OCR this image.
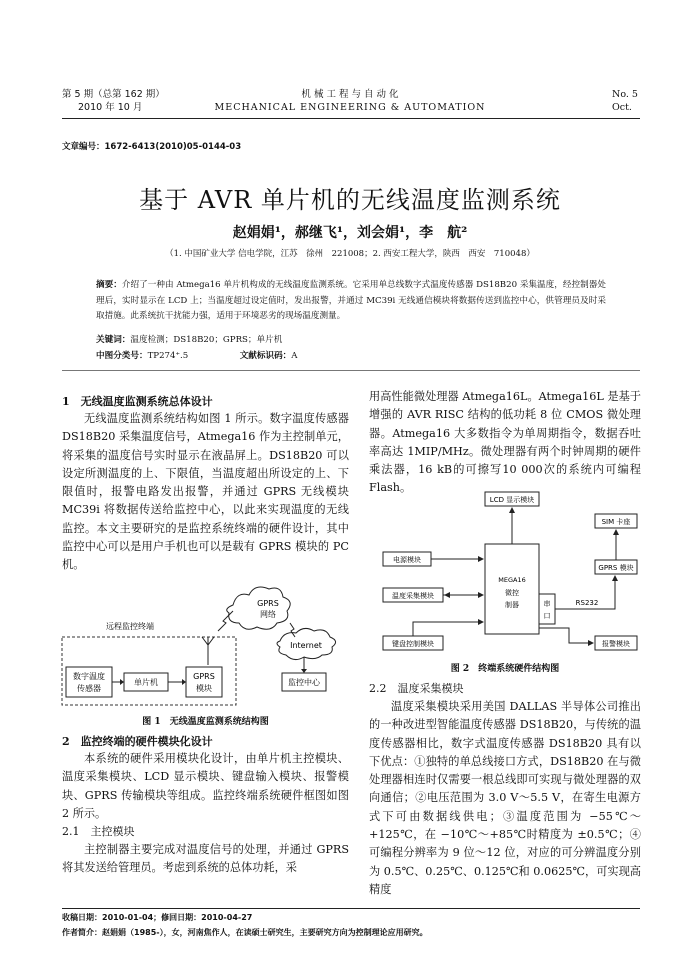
第 5 期（总第 162 期）
2010 年 10 月
机 械 工 程 与 自 动 化
MECHANICAL ENGINEERING & AUTOMATION
No. 5
Oct.
文章编号：1672-6413(2010)05-0144-03
基于 AVR 单片机的无线温度监测系统
赵娟娟¹，郝继飞¹，刘会娟¹，李　航²
（1. 中国矿业大学 信电学院，江苏　徐州　221008；2. 西安工程大学，陕西　西安　710048）
摘要：介绍了一种由 Atmega16 单片机构成的无线温度监测系统。它采用单总线数字式温度传感器 DS18B20 采集温度，经控制器处理后，实时显示在 LCD 上；当温度超过设定值时，发出报警，并通过 MC39i 无线通信模块将数据传送到监控中心，供管理员及时采取措施。此系统抗干扰能力强，适用于环境恶劣的现场温度测量。
关键词：温度检测；DS18B20；GPRS；单片机
中图分类号：TP274⁺.5	文献标识码：A
1　无线温度监测系统总体设计

无线温度监测系统结构如图 1 所示。数字温度传感器 DS18B20 采集温度信号，Atmega16 作为主控制单元，将采集的温度信号实时显示在液晶屏上。DS18B20 可以设定所测温度的上、下限值，当温度超出所设定的上、下限值时，报警电路发出报警，并通过 GPRS 无线模块 MC39i 将数据传送给监控中心，以此来实现温度的无线监控。本文主要研究的是监控系统终端的硬件设计，其中监控中心可以是用户手机也可以是载有 GPRS 模块的 PC 机。

GPRS
网络
Internet
远程监控终端
数字温度
传感器
单片机
GPRS
模块
监控中心
图 1　无线温度监测系统结构图
2　监控终端的硬件模块化设计

本系统的硬件采用模块化设计，由单片机主控模块、温度采集模块、LCD 显示模块、键盘输入模块、报警模块、GPRS 传输模块等组成。监控终端系统硬件框图如图 2 所示。

2.1　主控模块

主控制器主要完成对温度信号的处理，并通过 GPRS 将其发送给管理员。考虑到系统的总体功耗，采

用高性能微处理器 Atmega16L。Atmega16L 是基于增强的 AVR RISC 结构的低功耗 8 位 CMOS 微处理器。Atmega16 大多数指令为单周期指令，数据吞吐率高达 1MIP/MHz。微处理器有两个时钟周期的硬件乘法器，16 kB的可擦写10 000次的系统内可编程 Flash。

LCD 显示模块
SIM 卡座
电源模块
GPRS 模块
MEGA16
微控
制器	串
口
温度采集模块
RS232
键盘控制模块	报警模块
图 2　终端系统硬件结构图
2.2　温度采集模块

温度采集模块采用美国 DALLAS 半导体公司推出的一种改进型智能温度传感器 DS18B20，与传统的温度传感器相比，数字式温度传感器 DS18B20 具有以下优点：①独特的单总线接口方式，DS18B20 在与微处理器相连时仅需要一根总线即可实现与微处理器的双向通信；②电压范围为 3.0 V～5.5 V，在寄生电源方式下可由数据线供电；③温度范围为 −55℃～+125℃，在 −10℃～+85℃时精度为 ±0.5℃；④可编程分辨率为 9 位～12 位，对应的可分辨温度分别为 0.5℃、0.25℃、0.125℃和 0.0625℃，可实现高精度

收稿日期：2010-01-04；修回日期：2010-04-27
作者简介：赵娟娟（1985-），女，河南焦作人，在读硕士研究生，主要研究方向为控制理论应用研究。
